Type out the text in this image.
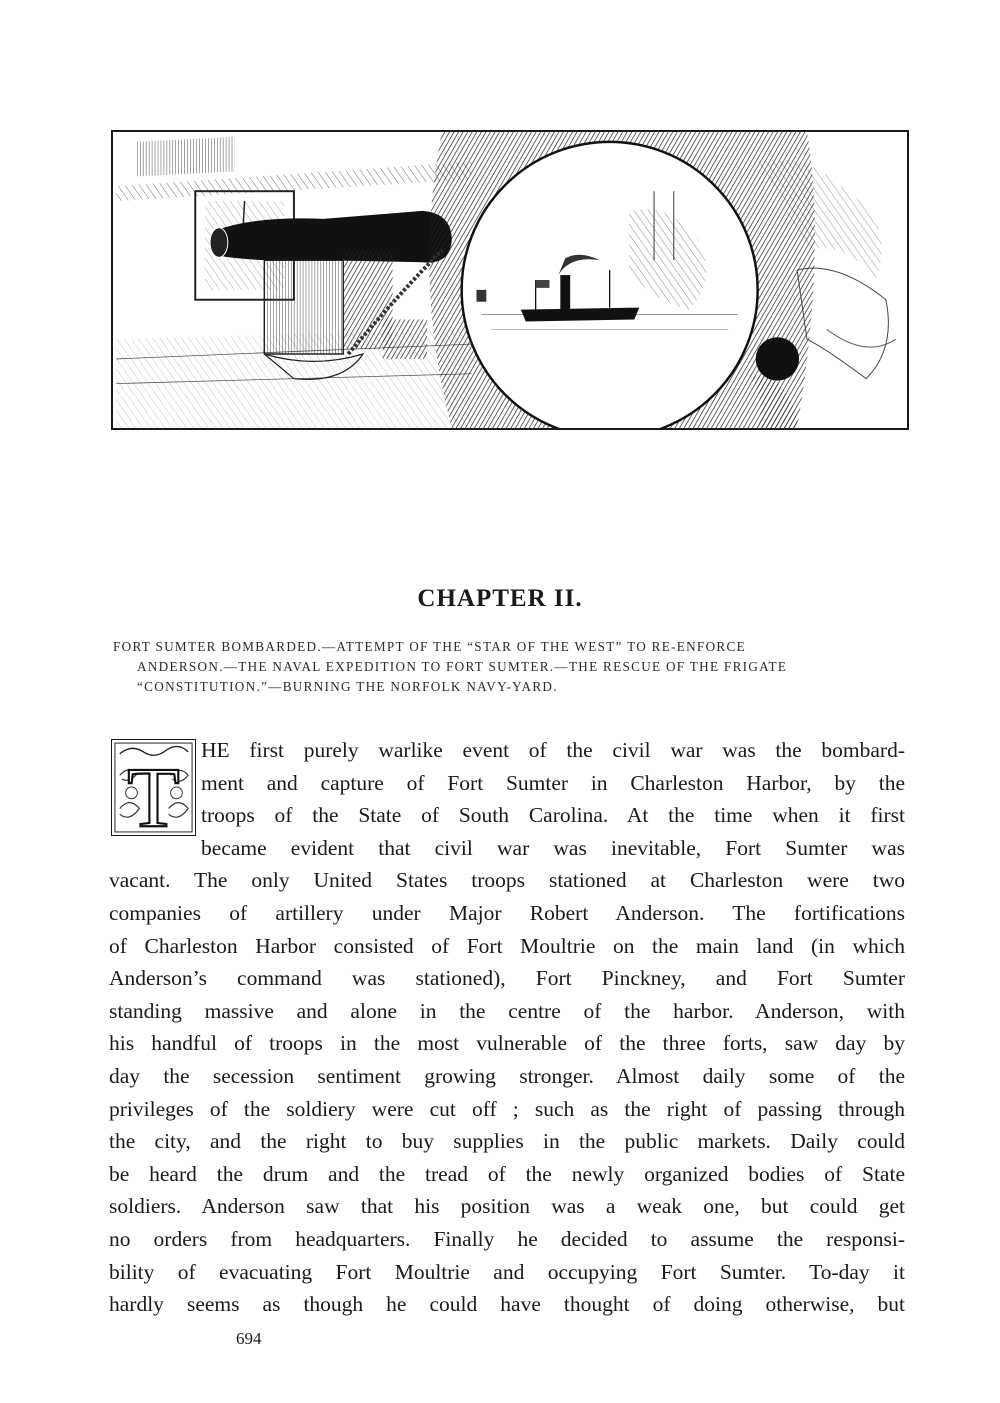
CHAPTER II.
FORT SUMTER BOMBARDED.—ATTEMPT OF THE “STAR OF THE WEST” TO RE-ENFORCE
ANDERSON.—THE NAVAL EXPEDITION TO FORT SUMTER.—THE RESCUE OF THE FRIGATE
“CONSTITUTION.”—BURNING THE NORFOLK NAVY-YARD.
T HE first purely warlike event of the civil war was the bombard-
ment and capture of Fort Sumter in Charleston Harbor, by the
troops of the State of South Carolina. At the time when it first
became evident that civil war was inevitable, Fort Sumter was
vacant. The only United States troops stationed at Charleston were two
companies of artillery under Major Robert Anderson. The fortifications
of Charleston Harbor consisted of Fort Moultrie on the main land (in which
Anderson’s command was stationed), Fort Pinckney, and Fort Sumter
standing massive and alone in the centre of the harbor. Anderson, with
his handful of troops in the most vulnerable of the three forts, saw day by
day the secession sentiment growing stronger. Almost daily some of the
privileges of the soldiery were cut off ; such as the right of passing through
the city, and the right to buy supplies in the public markets. Daily could
be heard the drum and the tread of the newly organized bodies of State
soldiers. Anderson saw that his position was a weak one, but could get
no orders from headquarters. Finally he decided to assume the responsi-
bility of evacuating Fort Moultrie and occupying Fort Sumter. To-day it
hardly seems as though he could have thought of doing otherwise, but
694
